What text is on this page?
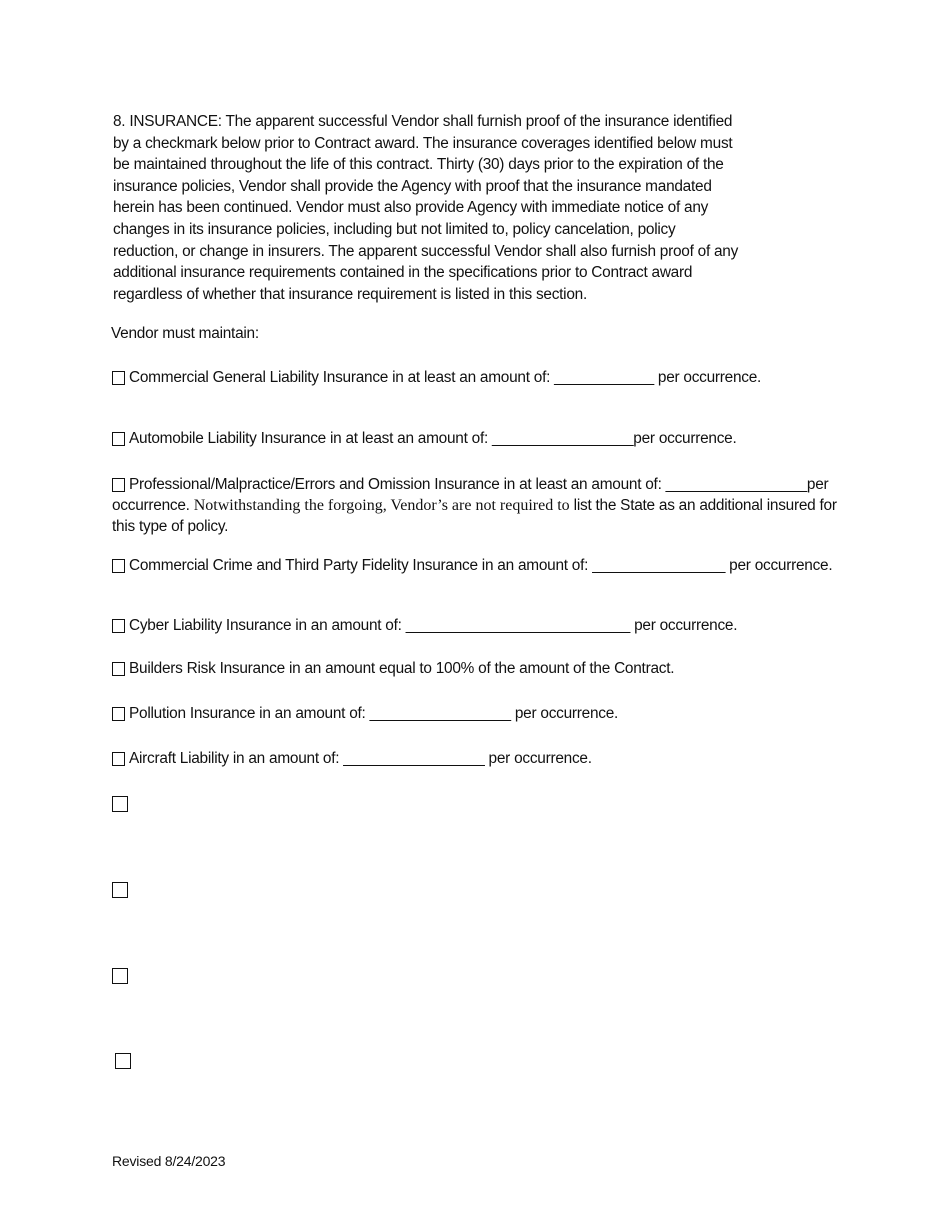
8. INSURANCE: The apparent successful Vendor shall furnish proof of the insurance identified
by a checkmark below prior to Contract award. The insurance coverages identified below must
be maintained throughout the life of this contract. Thirty (30) days prior to the expiration of the
insurance policies, Vendor shall provide the Agency with proof that the insurance mandated
herein has been continued. Vendor must also provide Agency with immediate notice of any
changes in its insurance policies, including but not limited to, policy cancelation, policy
reduction, or change in insurers. The apparent successful Vendor shall also furnish proof of any
additional insurance requirements contained in the specifications prior to Contract award
regardless of whether that insurance requirement is listed in this section.
Vendor must maintain:
Commercial General Liability Insurance in at least an amount of: ____________ per occurrence.
Automobile Liability Insurance in at least an amount of: _________________per occurrence.
Professional/Malpractice/Errors and Omission Insurance in at least an amount of: _________________per occurrence. Notwithstanding the forgoing, Vendor’s are not required to list the State as an additional insured for this type of policy.
Commercial Crime and Third Party Fidelity Insurance in an amount of: ________________ per occurrence.
Cyber Liability Insurance in an amount of: ___________________________ per occurrence.
Builders Risk Insurance in an amount equal to 100% of the amount of the Contract.
Pollution Insurance in an amount of: _________________ per occurrence.
Aircraft Liability in an amount of: _________________ per occurrence.
Revised 8/24/2023
